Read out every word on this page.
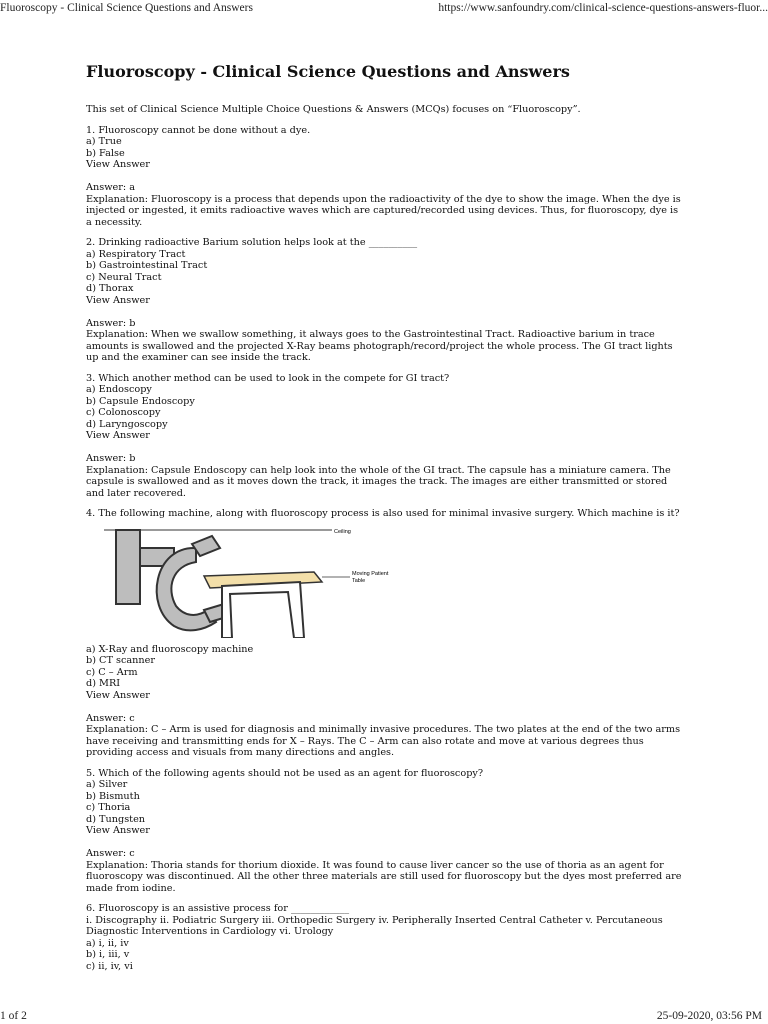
Fluoroscopy - Clinical Science Questions and Answers	https://www.sanfoundry.com/clinical-science-questions-answers-fluor...
Fluoroscopy - Clinical Science Questions and Answers
This set of Clinical Science Multiple Choice Questions & Answers (MCQs) focuses on “Fluoroscopy”.
1. Fluoroscopy cannot be done without a dye.
a) True
b) False
View Answer
Answer: a
Explanation: Fluoroscopy is a process that depends upon the radioactivity of the dye to show the image. When the dye is injected or ingested, it emits radioactive waves which are captured/recorded using devices. Thus, for fluoroscopy, dye is a necessity.
2. Drinking radioactive Barium solution helps look at the __________
a) Respiratory Tract
b) Gastrointestinal Tract
c) Neural Tract
d) Thorax
View Answer
Answer: b
Explanation: When we swallow something, it always goes to the Gastrointestinal Tract. Radioactive barium in trace amounts is swallowed and the projected X-Ray beams photograph/record/project the whole process. The GI tract lights up and the examiner can see inside the track.
3. Which another method can be used to look in the compete for GI tract?
a) Endoscopy
b) Capsule Endoscopy
c) Colonoscopy
d) Laryngoscopy
View Answer
Answer: b
Explanation: Capsule Endoscopy can help look into the whole of the GI tract. The capsule has a miniature camera. The capsule is swallowed and as it moves down the track, it images the track. The images are either transmitted or stored and later recovered.
4. The following machine, along with fluoroscopy process is also used for minimal invasive surgery. Which machine is it?
Ceiling
Moving Patient
Table
a) X-Ray and fluoroscopy machine
b) CT scanner
c) C – Arm
d) MRI
View Answer
Answer: c
Explanation: C – Arm is used for diagnosis and minimally invasive procedures. The two plates at the end of the two arms have receiving and transmitting ends for X – Rays. The C – Arm can also rotate and move at various degrees thus providing access and visuals from many directions and angles.
5. Which of the following agents should not be used as an agent for fluoroscopy?
a) Silver
b) Bismuth
c) Thoria
d) Tungsten
View Answer
Answer: c
Explanation: Thoria stands for thorium dioxide. It was found to cause liver cancer so the use of thoria as an agent for fluoroscopy was discontinued. All the other three materials are still used for fluoroscopy but the dyes most preferred are made from iodine.
6. Fluoroscopy is an assistive process for ____________
i. Discography ii. Podiatric Surgery iii. Orthopedic Surgery iv. Peripherally Inserted Central Catheter v. Percutaneous Diagnostic Interventions in Cardiology vi. Urology
a) i, ii, iv
b) i, iii, v
c) ii, iv, vi
1 of 2	25-09-2020, 03:56 PM
